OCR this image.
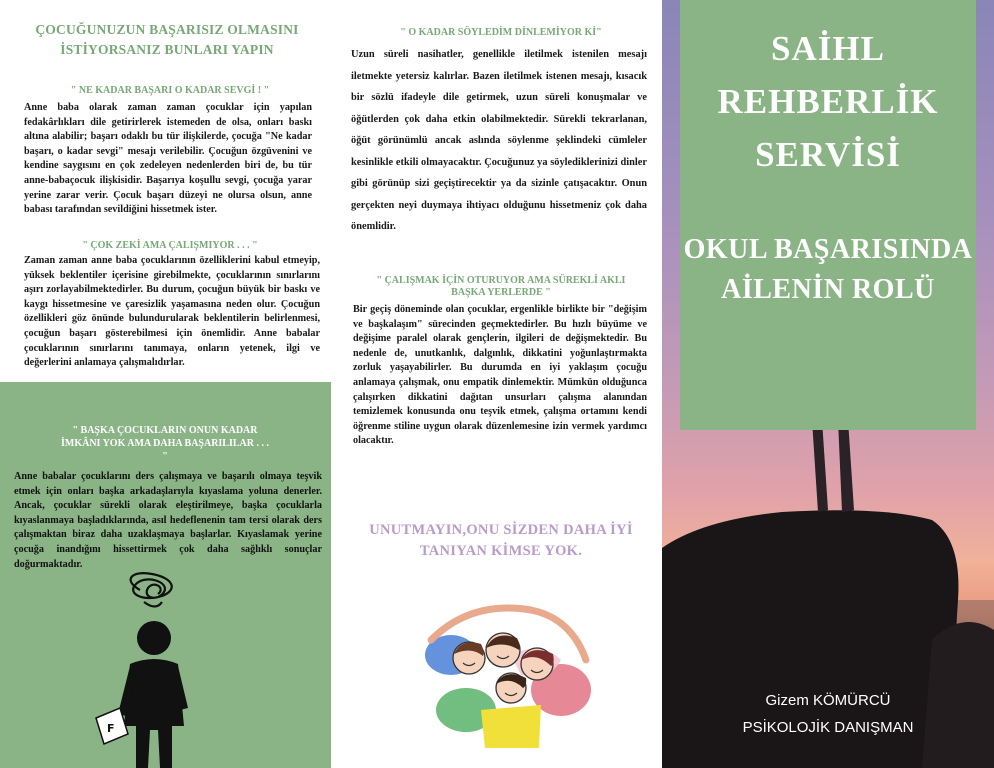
ÇOCUĞUNUZUN BAŞARISIZ OLMASINI İSTİYORSANIZ BUNLARI YAPIN

" NE KADAR BAŞARI O KADAR SEVGİ ! "

Anne baba olarak zaman zaman çocuklar için yapılan fedakârlıkları dile getirirlerek istemeden de olsa, onları baskı altına alabilir; başarı odaklı bu tür ilişkilerde, çocuğa "Ne kadar başarı, o kadar sevgi" mesajı verilebilir. Çocuğun özgüvenini ve kendine saygısını en çok zedeleyen nedenlerden biri de, bu tür anne-babaçocuk ilişkisidir. Başarıya koşullu sevgi, çocuğa yarar yerine zarar verir. Çocuk başarı düzeyi ne olursa olsun, anne babası tarafından sevildiğini hissetmek ister.

" ÇOK ZEKİ AMA ÇALIŞMIYOR . . . "

Zaman zaman anne baba çocuklarının özelliklerini kabul etmeyip, yüksek beklentiler içerisine girebilmekte, çocuklarının sınırlarını aşırı zorlayabilmektedirler. Bu durum, çocuğun büyük bir baskı ve kaygı hissetmesine ve çaresizlik yaşamasına neden olur. Çocuğun özellikleri göz önünde bulundurularak beklentilerin belirlenmesi, çocuğun başarı gösterebilmesi için önemlidir. Anne babalar çocuklarının sınırlarını tanımaya, onların yetenek, ilgi ve değerlerini anlamaya çalışmalıdırlar.

" BAŞKA ÇOCUKLARIN ONUN KADAR İMKÂNI YOK AMA DAHA BAŞARILILAR . . . "

Anne babalar çocuklarını ders çalışmaya ve başarılı olmaya teşvik etmek için onları başka arkadaşlarıyla kıyaslama yoluna denerler. Ancak, çocuklar sürekli olarak eleştirilmeye, başka çocuklarla kıyaslanmaya başladıklarında, asıl hedeflenenin tam tersi olarak ders çalışmaktan biraz daha uzaklaşmaya başlarlar. Kıyaslamak yerine çocuğa inandığını hissettirmek çok daha sağlıklı sonuçlar doğurmaktadır.

F

" O KADAR SÖYLEDİM DİNLEMİYOR Kİ"

Uzun süreli nasihatler, genellikle iletilmek istenilen mesajı iletmekte yetersiz kalırlar. Bazen iletilmek istenen mesajı, kısacık bir sözlü ifadeyle dile getirmek, uzun süreli konuşmalar ve öğütlerden çok daha etkin olabilmektedir. Sürekli tekrarlanan, öğüt görünümlü ancak aslında söylenme şeklindeki cümleler kesinlikle etkili olmayacaktır. Çocuğunuz ya söylediklerinizi dinler gibi görünüp sizi geçiştirecektir ya da sizinle çatışacaktır. Onun gerçekten neyi duymaya ihtiyacı olduğunu hissetmeniz çok daha önemlidir.

" ÇALIŞMAK İÇİN OTURUYOR AMA SÜREKLİ AKLI BAŞKA YERLERDE "

Bir geçiş döneminde olan çocuklar, ergenlikle birlikte bir "değişim ve başkalaşım" sürecinden geçmektedirler. Bu hızlı büyüme ve değişime paralel olarak gençlerin, ilgileri de değişmektedir. Bu nedenle de, unutkanlık, dalgınlık, dikkatini yoğunlaştırmakta zorluk yaşayabilirler. Bu durumda en iyi yaklaşım çocuğu anlamaya çalışmak, onu empatik dinlemektir. Mümkün olduğunca çalışırken dikkatini dağıtan unsurları çalışma alanından temizlemek konusunda onu teşvik etmek, çalışma ortamını kendi öğrenme stiline uygun olarak düzenlemesine izin vermek yardımcı olacaktır.

UNUTMAYIN,ONU SİZDEN DAHA İYİ TANIYAN KİMSE YOK.

SAİHL REHBERLİK SERVİSİ
OKUL BAŞARISINDA AİLENİN ROLÜ

Gizem KÖMÜRCÜ

PSİKOLOJİK DANIŞMAN
